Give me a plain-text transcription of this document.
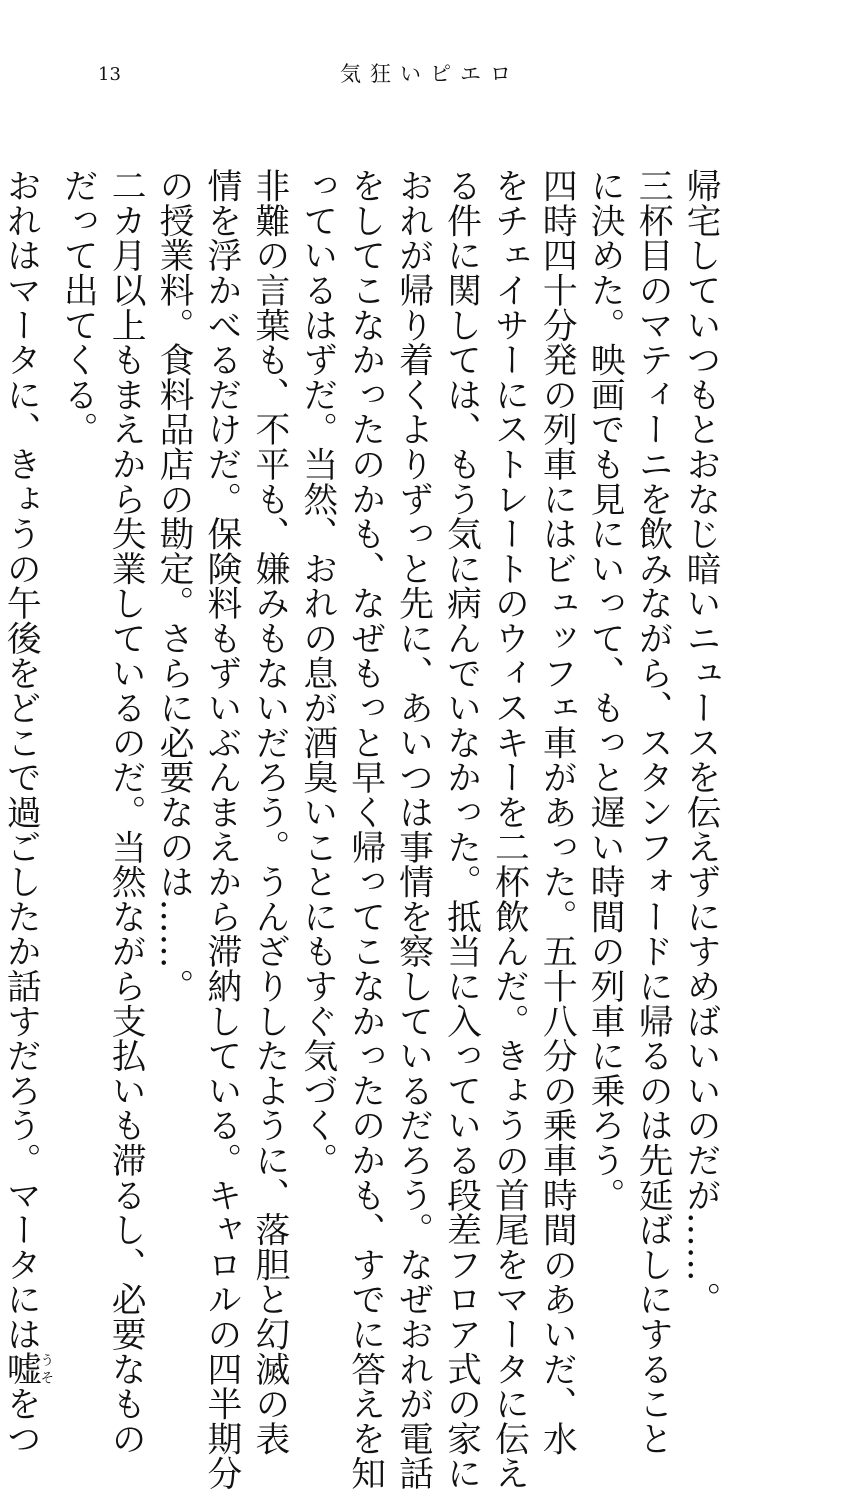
13	気狂いピエロ

帰宅していつもとおなじ暗いニュースを伝えずにすめばいいのだが……。

三杯目のマティーニを飲みながら、スタンフォードに帰るのは先延ばしにすること
に決めた。映画でも見にいって、もっと遅い時間の列車に乗ろう。

四時四十分発の列車にはビュッフェ車があった。五十八分の乗車時間のあいだ、水
をチェイサーにストレートのウィスキーを二杯飲んだ。きょうの首尾をマータに伝え
る件に関しては、もう気に病んでいなかった。抵当に入っている段差フロア式の家に
おれが帰り着くよりずっと先に、あいつは事情を察しているだろう。なぜおれが電話
をしてこなかったのかも、なぜもっと早く帰ってこなかったのかも、すでに答えを知
っているはずだ。当然、おれの息が酒臭いことにもすぐ気づく。

非難の言葉も、不平も、嫌みもないだろう。うんざりしたように、落胆と幻滅の表
情を浮かべるだけだ。保険料もずいぶんまえから滞納している。キャロルの四半期分
の授業料。食料品店の勘定。さらに必要なのは……。

二カ月以上もまえから失業しているのだ。当然ながら支払いも滞るし、必要なもの
だって出てくる。

おれはマータに、きょうの午後をどこで過ごしたか話すだろう。マータには嘘うそをつ
